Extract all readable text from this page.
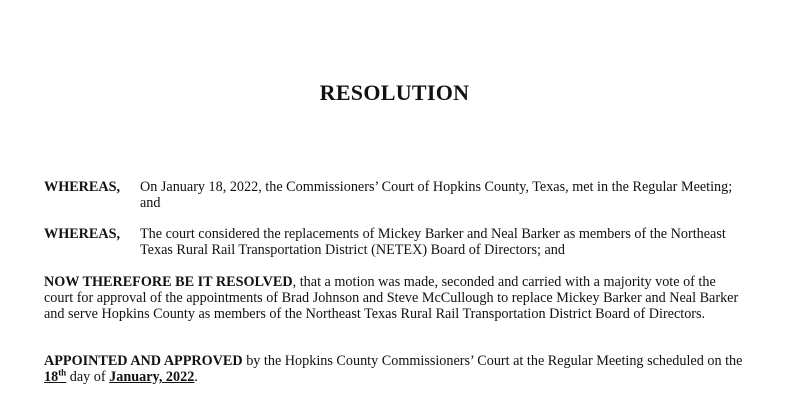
RESOLUTION
WHEREAS, On January 18, 2022, the Commissioners’ Court of Hopkins County, Texas, met in the Regular Meeting; and
WHEREAS, The court considered the replacements of Mickey Barker and Neal Barker as members of the Northeast Texas Rural Rail Transportation District (NETEX) Board of Directors; and
NOW THEREFORE BE IT RESOLVED, that a motion was made, seconded and carried with a majority vote of the court for approval of the appointments of Brad Johnson and Steve McCullough to replace Mickey Barker and Neal Barker and serve Hopkins County as members of the Northeast Texas Rural Rail Transportation District Board of Directors.
APPOINTED AND APPROVED by the Hopkins County Commissioners’ Court at the Regular Meeting scheduled on the 18th day of January, 2022.
